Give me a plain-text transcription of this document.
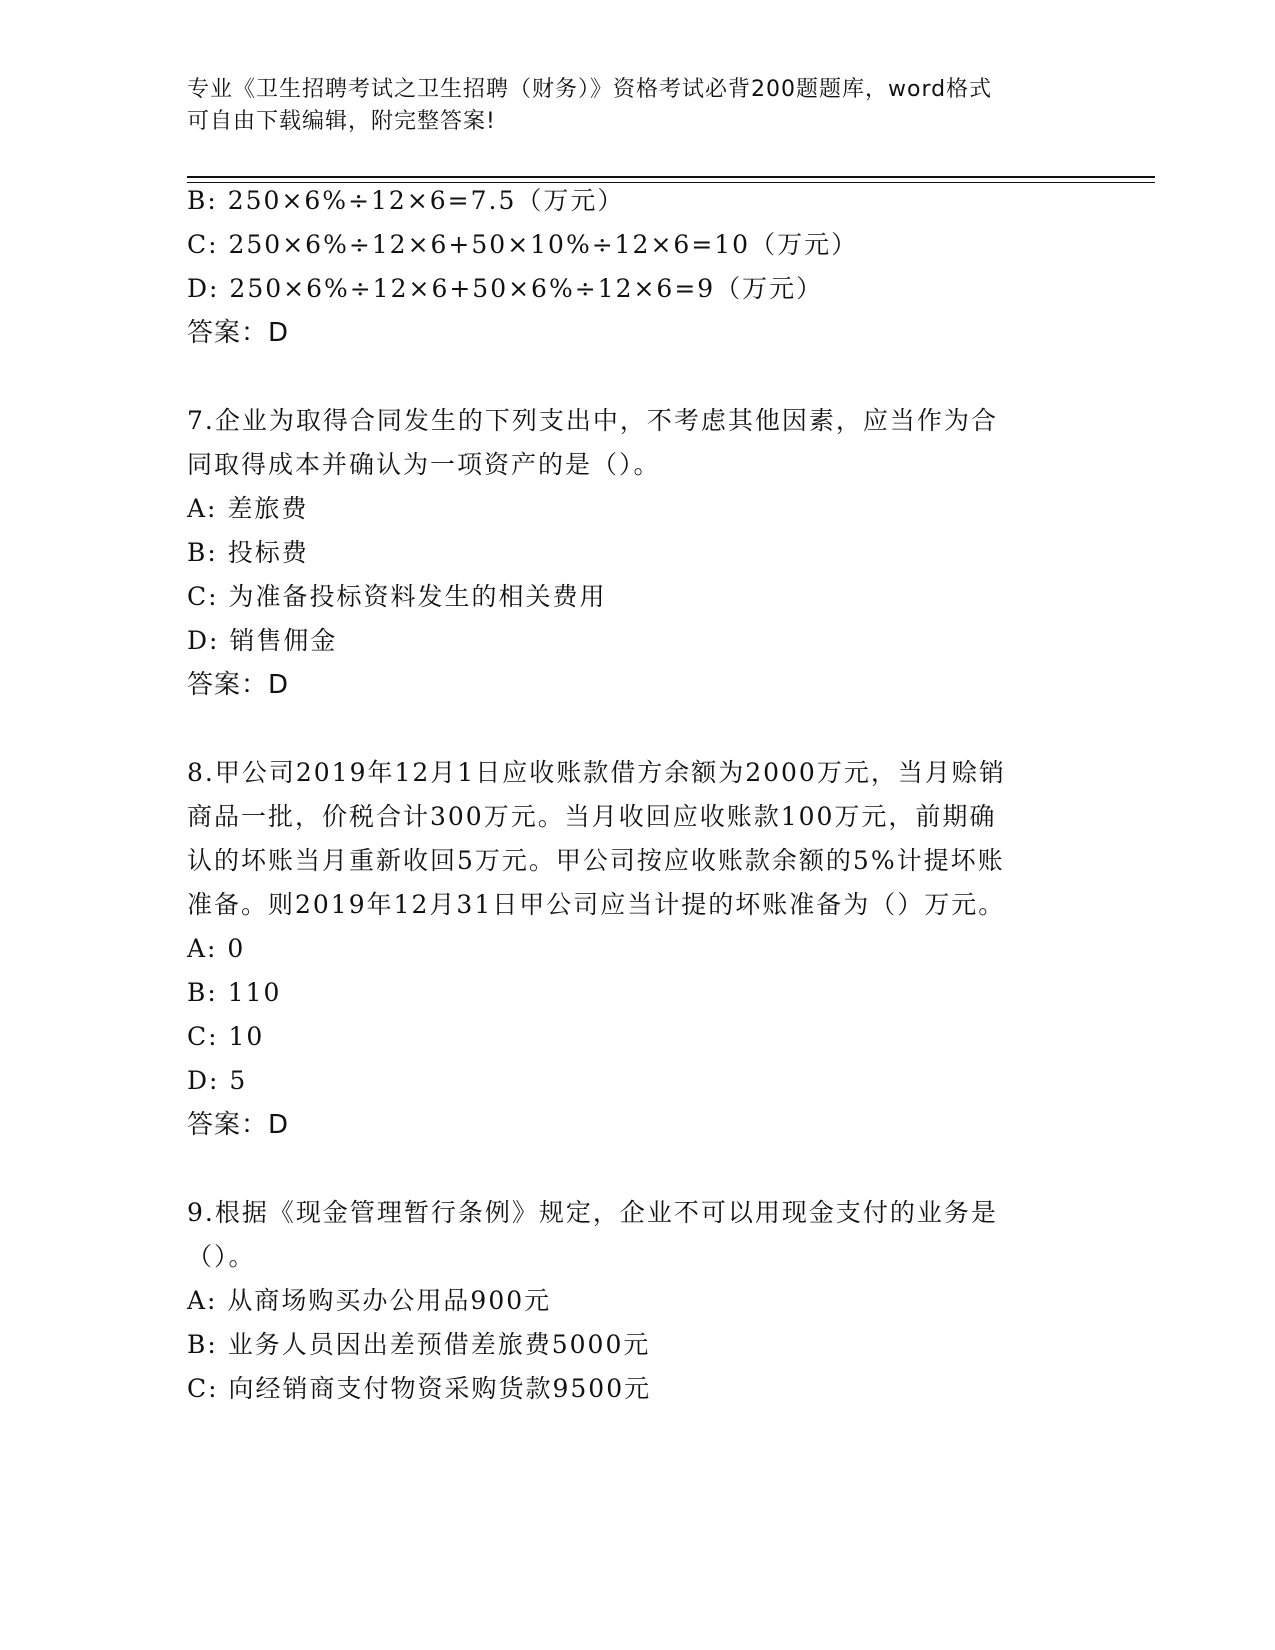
专业《卫生招聘考试之卫生招聘（财务）》资格考试必背200题题库，word格式
可自由下载编辑，附完整答案!
B: 250×6%÷12×6=7.5（万元）
C: 250×6%÷12×6+50×10%÷12×6=10（万元）
D: 250×6%÷12×6+50×6%÷12×6=9（万元）
答案：D
7.企业为取得合同发生的下列支出中，不考虑其他因素，应当作为合
同取得成本并确认为一项资产的是（）。
A: 差旅费
B: 投标费
C: 为准备投标资料发生的相关费用
D: 销售佣金
答案：D
8.甲公司2019年12月1日应收账款借方余额为2000万元，当月赊销
商品一批，价税合计300万元。当月收回应收账款100万元，前期确
认的坏账当月重新收回5万元。甲公司按应收账款余额的5%计提坏账
准备。则2019年12月31日甲公司应当计提的坏账准备为（）万元。
A: 0
B: 110
C: 10
D: 5
答案：D
9.根据《现金管理暂行条例》规定，企业不可以用现金支付的业务是
（）。
A: 从商场购买办公用品900元
B: 业务人员因出差预借差旅费5000元
C: 向经销商支付物资采购货款9500元
